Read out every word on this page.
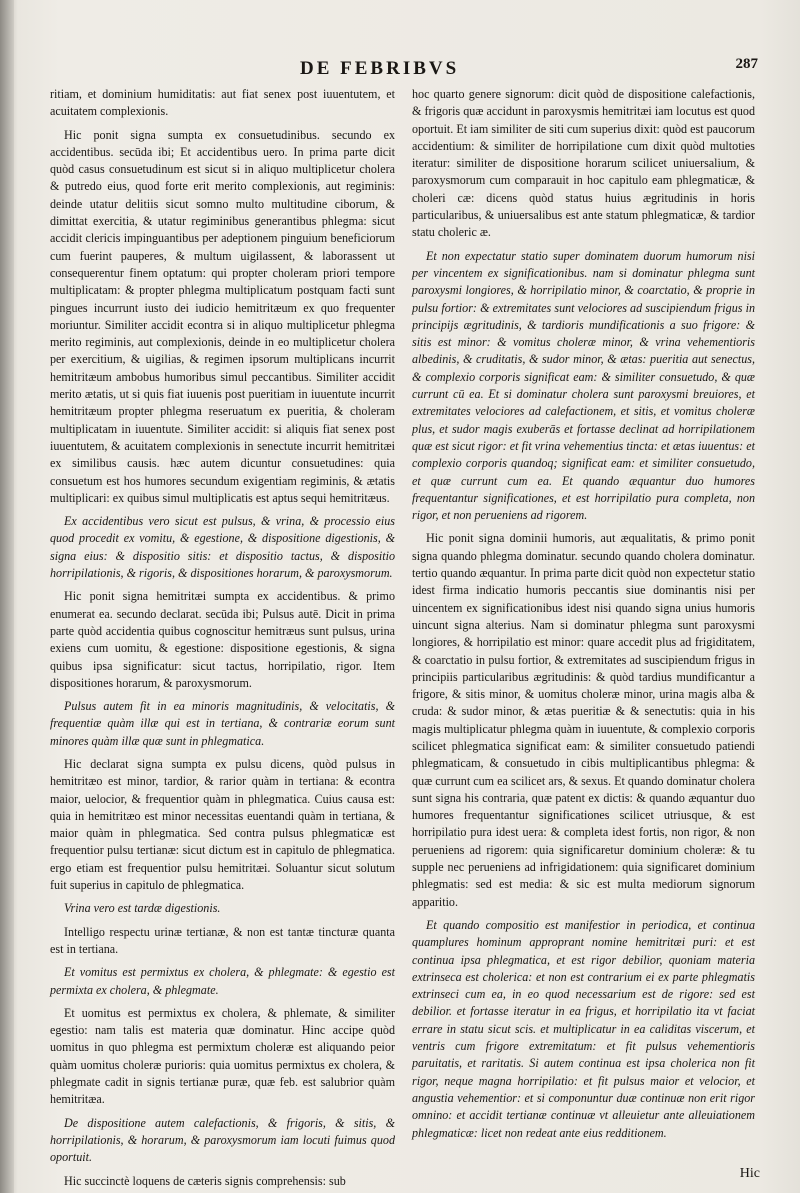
DE FEBRIBVS	287

ritiam, et dominium humiditatis: aut fiat senex post iuuentutem, et acuitatem complexionis.

Hic ponit signa sumpta ex consuetudinibus. secundo ex accidentibus. secūda ibi; Et accidentibus uero. In prima parte dicit quòd casus consuetudinum est sicut si in aliquo multiplicetur cholera & putredo eius, quod forte erit merito complexionis, aut regiminis: deinde utatur delitiis sicut somno multo multitudine ciborum, & dimittat exercitia, & utatur regiminibus generantibus phlegma: sicut accidit clericis impinguantibus per adeptionem pinguium beneficiorum cum fuerint pauperes, & multum uigilassent, & laborassent ut consequerentur finem optatum: qui propter choleram priori tempore multiplicatam: & propter phlegma multiplicatum postquam facti sunt pingues incurrunt iusto dei iudicio hemitritæum ex quo frequenter moriuntur. Similiter accidit econtra si in aliquo multiplicetur phlegma merito regiminis, aut complexionis, deinde in eo multiplicetur cholera per exercitium, & uigilias, & regimen ipsorum multiplicans incurrit hemitritæum ambobus humoribus simul peccantibus. Similiter accidit merito ætatis, ut si quis fiat iuuenis post pueritiam in iuuentute incurrit hemitritæum propter phlegma reseruatum ex pueritia, & choleram multiplicatam in iuuentute. Similiter accidit: si aliquis fiat senex post iuuentutem, & acuitatem complexionis in senectute incurrit hemitritæi ex similibus causis. hæc autem dicuntur consuetudines: quia consuetum est hos humores secundum exigentiam regiminis, & ætatis multiplicari: ex quibus simul multiplicatis est aptus sequi hemitritæus.

Ex accidentibus vero sicut est pulsus, & vrina, & processio eius quod procedit ex vomitu, & egestione, & dispositione digestionis, & signa eius: & dispositio sitis: et dispositio tactus, & dispositio horripilationis, & rigoris, & dispositiones horarum, & paroxysmorum.

Hic ponit signa hemitritæi sumpta ex accidentibus. & primo enumerat ea. secundo declarat. secūda ibi; Pulsus autē. Dicit in prima parte quòd accidentia quibus cognoscitur hemitræus sunt pulsus, urina exiens cum uomitu, & egestione: dispositione egestionis, & signa quibus ipsa significatur: sicut tactus, horripilatio, rigor. Item dispositiones horarum, & paroxysmorum.

Pulsus autem fit in ea minoris magnitudinis, & velocitatis, & frequentiæ quàm illæ qui est in tertiana, & contrariæ eorum sunt minores quàm illæ quæ sunt in phlegmatica.

Hic declarat signa sumpta ex pulsu dicens, quòd pulsus in hemitritæo est minor, tardior, & rarior quàm in tertiana: & econtra maior, uelocior, & frequentior quàm in phlegmatica. Cuius causa est: quia in hemitritæo est minor necessitas euentandi quàm in tertiana, & maior quàm in phlegmatica. Sed contra pulsus phlegmaticæ est frequentior pulsu tertianæ: sicut dictum est in capitulo de phlegmatica. ergo etiam est frequentior pulsu hemitritæi. Soluantur sicut solutum fuit superius in capitulo de phlegmatica.

Vrina vero est tardæ digestionis.

Intelligo respectu urinæ tertianæ, & non est tantæ tincturæ quanta est in tertiana.

Et vomitus est permixtus ex cholera, & phlegmate: & egestio est permixta ex cholera, & phlegmate.

Et uomitus est permixtus ex cholera, & phlemate, & similiter egestio: nam talis est materia quæ dominatur. Hinc accipe quòd uomitus in quo phlegma est permixtum choleræ est aliquando peior quàm uomitus choleræ purioris: quia uomitus permixtus ex cholera, & phlegmate cadit in signis tertianæ puræ, quæ feb. est salubrior quàm hemitritæa.

De dispositione autem calefactionis, & frigoris, & sitis, & horripilationis, & horarum, & paroxysmorum iam locuti fuimus quod oportuit.

Hic succinctè loquens de cæteris signis comprehensis: sub

hoc quarto genere signorum: dicit quòd de dispositione calefactionis, & frigoris quæ accidunt in paroxysmis hemitritæi iam locutus est quod oportuit. Et iam similiter de siti cum superius dixit: quòd est paucorum accidentium: & similiter de horripilatione cum dixit quòd multoties iteratur: similiter de dispositione horarum scilicet uniuersalium, & paroxysmorum cum comparauit in hoc capitulo eam phlegmaticæ, & choleri cæ: dicens quòd status huius ægritudinis in horis particularibus, & uniuersalibus est ante statum phlegmaticæ, & tardior statu choleric æ.

Et non expectatur statio super dominatem duorum humorum nisi per vincentem ex significationibus. nam si dominatur phlegma sunt paroxysmi longiores, & horripilatio minor, & coarctatio, & proprie in pulsu fortior: & extremitates sunt velociores ad suscipiendum frigus in principijs ægritudinis, & tardioris mundificationis a suo frigore: & sitis est minor: & vomitus choleræ minor, & vrina vehementioris albedinis, & cruditatis, & sudor minor, & ætas: pueritia aut senectus, & complexio corporis significat eam: & similiter consuetudo, & quæ currunt cū ea. Et si dominatur cholera sunt paroxysmi breuiores, et extremitates velociores ad calefactionem, et sitis, et vomitus choleræ plus, et sudor magis exuberās et fortasse declinat ad horripilationem quæ est sicut rigor: et fit vrina vehementius tincta: et ætas iuuentus: et complexio corporis quandoq; significat eam: et similiter consuetudo, et quæ currunt cum ea. Et quando æquantur duo humores frequentantur significationes, et est horripilatio pura completa, non rigor, et non perueniens ad rigorem.

Hic ponit signa dominii humoris, aut æqualitatis, & primo ponit signa quando phlegma dominatur. secundo quando cholera dominatur. tertio quando æquantur. In prima parte dicit quòd non expectetur statio idest firma indicatio humoris peccantis siue dominantis nisi per uincentem ex significationibus idest nisi quando signa unius humoris uincunt signa alterius. Nam si dominatur phlegma sunt paroxysmi longiores, & horripilatio est minor: quare accedit plus ad frigiditatem, & coarctatio in pulsu fortior, & extremitates ad suscipiendum frigus in principiis particularibus ægritudinis: & quòd tardius mundificantur a frigore, & sitis minor, & uomitus choleræ minor, urina magis alba & cruda: & sudor minor, & ætas pueritiæ & & senectutis: quia in his magis multiplicatur phlegma quàm in iuuentute, & complexio corporis scilicet phlegmatica significat eam: & similiter consuetudo patiendi phlegmaticam, & consuetudo in cibis multiplicantibus phlegma: & quæ currunt cum ea scilicet ars, & sexus. Et quando dominatur cholera sunt signa his contraria, quæ patent ex dictis: & quando æquantur duo humores frequentantur significationes scilicet utriusque, & est horripilatio pura idest uera: & completa idest fortis, non rigor, & non perueniens ad rigorem: quia significaretur dominium choleræ: & tu supple nec perueniens ad infrigidationem: quia significaret dominium phlegmatis: sed est media: & sic est multa mediorum signorum apparitio.

Et quando compositio est manifestior in periodica, et continua quamplures hominum approprant nomine hemitritæi puri: et est continua ipsa phlegmatica, et est rigor debilior, quoniam materia extrinseca est cholerica: et non est contrarium ei ex parte phlegmatis extrinseci cum ea, in eo quod necessarium est de rigore: sed est debilior. et fortasse iteratur in ea frigus, et horripilatio ita vt faciat errare in statu sicut scis. et multiplicatur in ea caliditas viscerum, et ventris cum frigore extremitatum: et fit pulsus vehementioris paruitatis, et raritatis. Si autem continua est ipsa cholerica non fit rigor, neque magna horripilatio: et fit pulsus maior et velocior, et angustia vehementior: et si componuntur duæ continuæ non erit rigor omnino: et accidit tertianæ continuæ vt alleuietur ante alleuiationem phlegmaticæ: licet non redeat ante eius redditionem.

Hic
